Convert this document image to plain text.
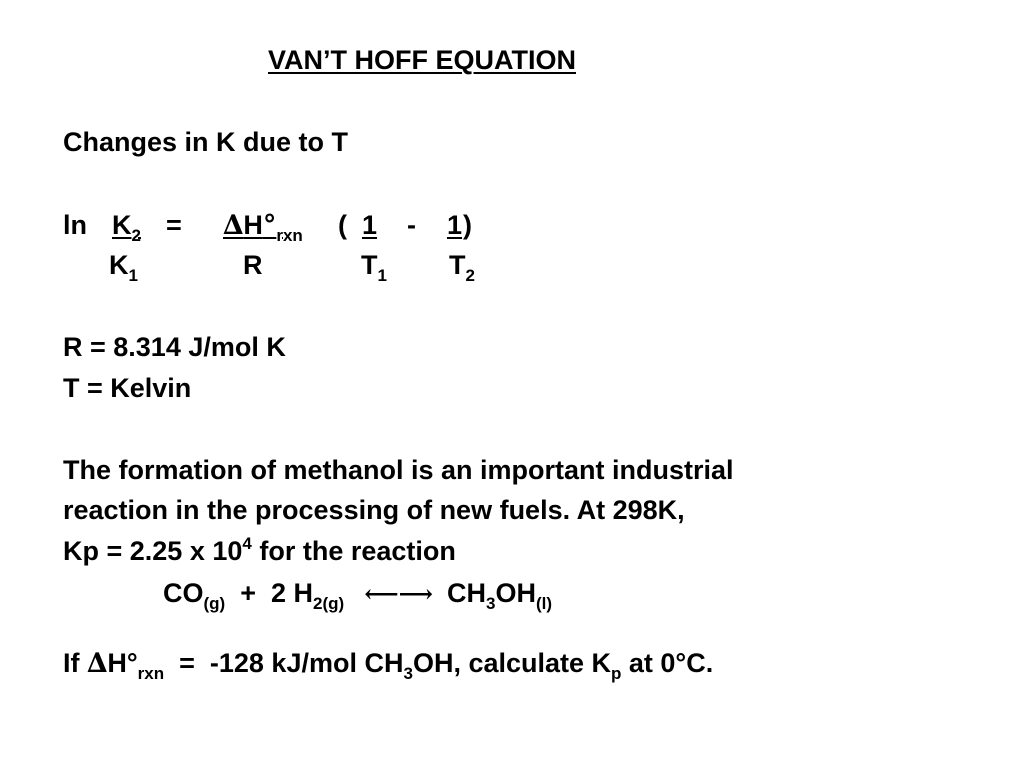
VAN’T HOFF EQUATION
Changes in K due to T
$\ln K_2 = \Delta H^\circ_{rxn}$ ( 1 - 1 )
$K_1$	R	$T_1$ $T_2$
R = 8.314 J/mol K
T = Kelvin
The formation of methanol is an important industrial
reaction in the processing of new fuels. At 298K,
Kp = 2.25 x $10^4$ for the reaction
$CO_{(g)} + 2$ $H_{2(g)}$ ⟵⟶ $CH_3OH_{(l)}$
If $\Delta H^\circ_{rxn} = -128$ kJ/mol $CH_3OH$, calculate $K_p$ at 0°C.
